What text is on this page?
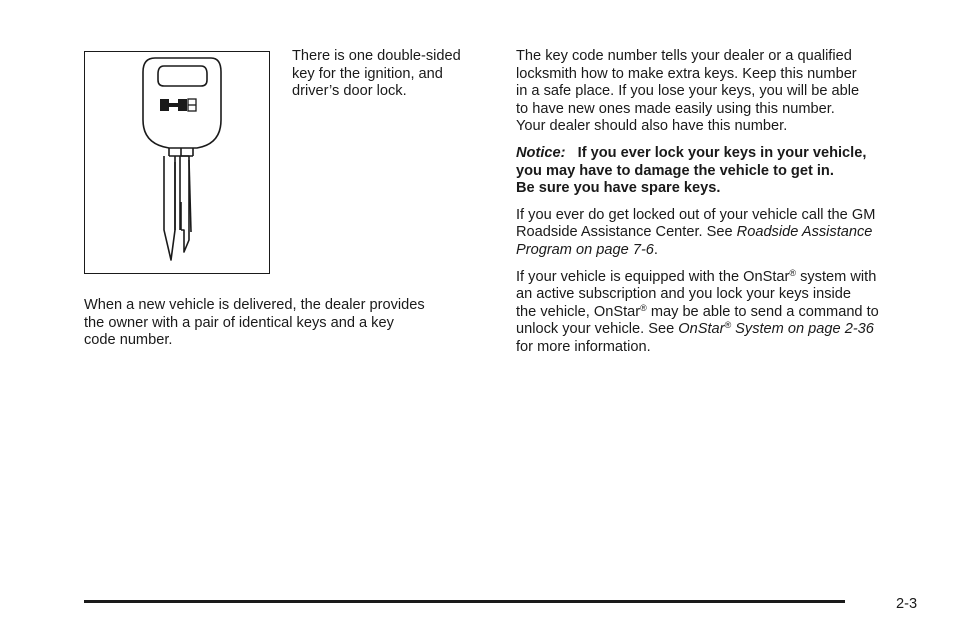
There is one double-sided
key for the ignition, and
driver’s door lock.

When a new vehicle is delivered, the dealer provides
the owner with a pair of identical keys and a key
code number.

The key code number tells your dealer or a qualified
locksmith how to make extra keys. Keep this number
in a safe place. If you lose your keys, you will be able
to have new ones made easily using this number.
Your dealer should also have this number.

Notice: If you ever lock your keys in your vehicle,
you may have to damage the vehicle to get in.
Be sure you have spare keys.

If you ever do get locked out of your vehicle call the GM
Roadside Assistance Center. See Roadside Assistance
Program on page 7-6.

If your vehicle is equipped with the OnStar® system with
an active subscription and you lock your keys inside
the vehicle, OnStar® may be able to send a command to
unlock your vehicle. See OnStar® System on page 2-36
for more information.

2-3
